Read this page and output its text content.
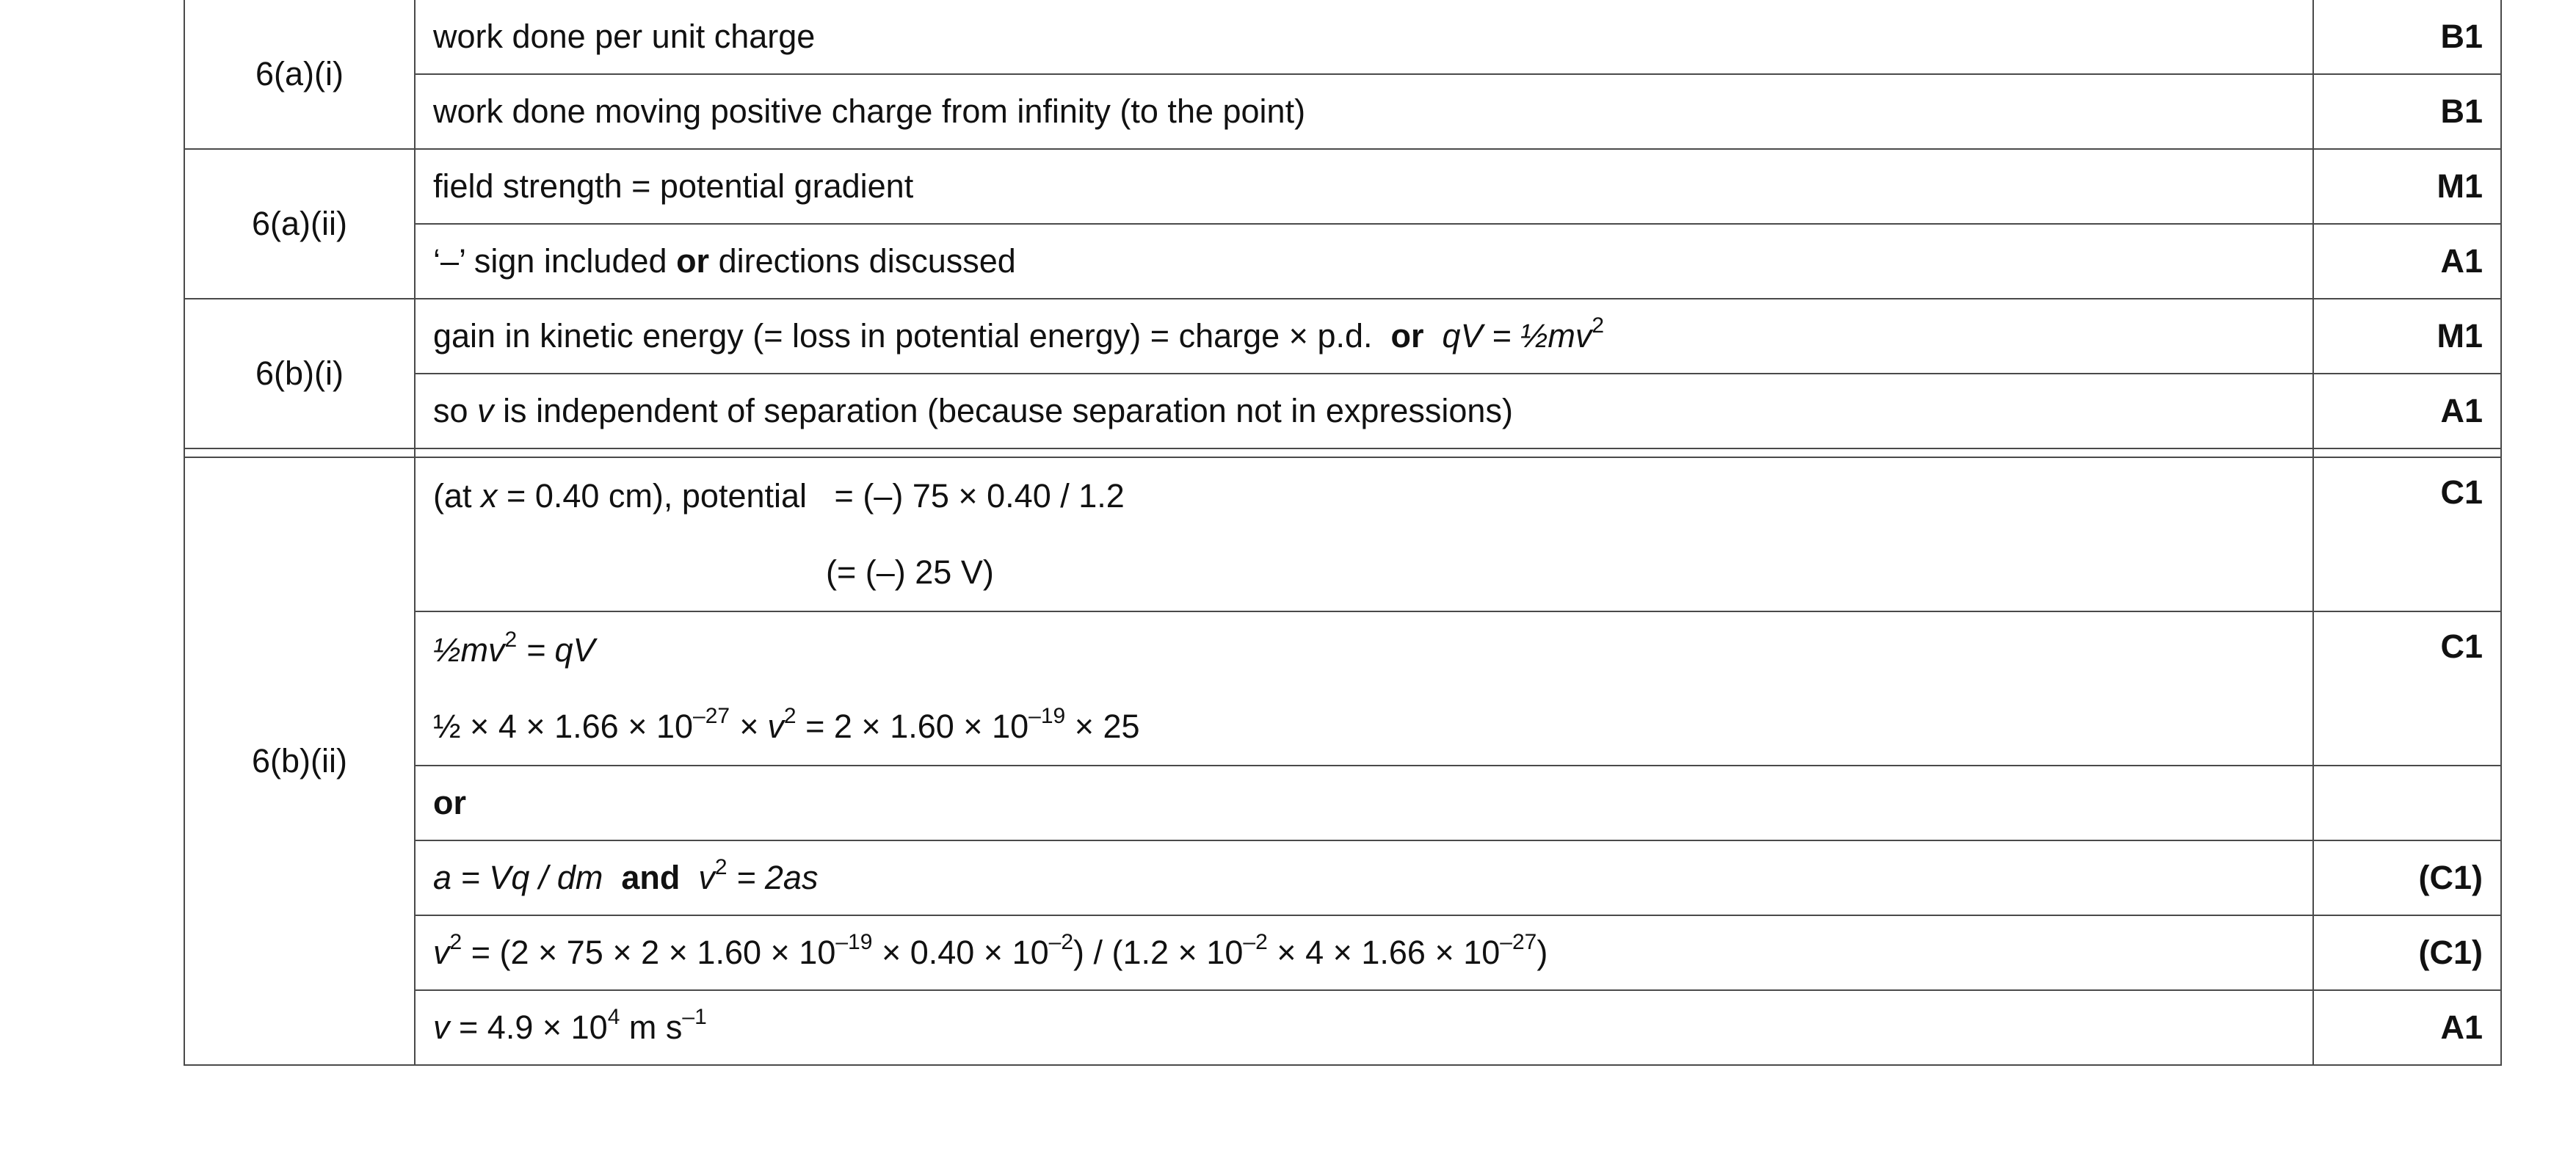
6(a)(i)	work done per unit charge	B1
	work done moving positive charge from infinity (to the point)	B1
6(a)(ii)	field strength = potential gradient	M1
	‘–’ sign included or directions discussed	A1
6(b)(i)	gain in kinetic energy (= loss in potential energy) = charge × p.d. or qV = $\frac{1}{2}mv^2$	M1
	so v is independent of separation (because separation not in expressions)	A1

6(b)(ii)	(at x = 0.40 cm), potential   = (–) 75 × 0.40 / 1.2
(= (–) 25 V)	C1

	$\frac{1}{2}mv^2$ = qV
½ × $4 \times 1.66 \times 10^{-27} \times v^2 = 2 \times 1.60 \times 10^{-19} \times 25$	C1
	or	
	a = Vq / dm and $v^2 = 2as$	(C1)
	$v^2 = (2 \times 75 \times 2 \times 1.60 \times 10^{-19} \times 0.40 \times 10^{-2}) / (1.2 \times 10^{-2} \times 4 \times 1.66 \times 10^{-27})$	(C1)
	$v = 4.9 \times 10^4$ m $s^{-1}$	A1
